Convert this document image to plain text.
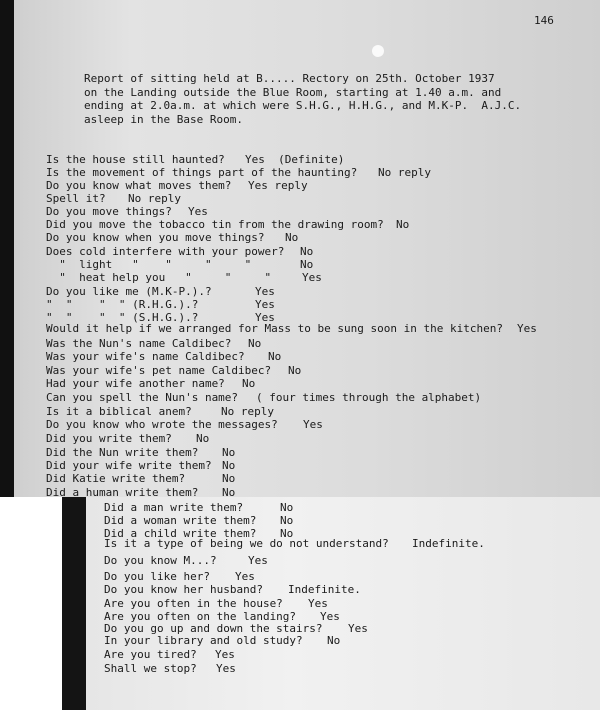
146
Report of sitting held at B..... Rectory on 25th. October 1937
on the Landing outside the Blue Room, starting at 1.40 a.m. and
ending at 2.0a.m. at which were S.H.G., H.H.G., and M.K-P.  A.J.C.
asleep in the Base Room.
Is the house still haunted? Yes  (Definite)
Is the movement of things part of the haunting? No reply
Do you know what moves them? Yes reply
Spell it? No reply
Do you move things? Yes
Did you move the tobacco tin from the drawing room? No
Do you know when you move things? No
Does cold interfere with your power? No
"  light   "    "     "     "	No
"  heat help you   "     "     "	Yes
Do you like me (M.K-P.).?	Yes
"  "    "  " (R.H.G.).?	Yes
"  "    "  " (S.H.G.).?	Yes
Would it help if we arranged for Mass to be sung soon in the kitchen? Yes
Was the Nun's name Caldibec? No
Was your wife's name Caldibec? No
Was your wife's pet name Caldibec? No
Had your wife another name? No
Can you spell the Nun's name? ( four times through the alphabet)
Is it a biblical anem?	No reply
Do you know who wrote the messages? Yes
Did you write them? No
Did the Nun write them? No
Did your wife write them? No
Did Katie write them?	No
Did a human write them? No
Did a man write them?	No
Did a woman write them? No
Did a child write them? No
Is it a type of being we do not understand? Indefinite.
Do you know M...?	Yes
Do you like her? Yes
Do you know her husband? Indefinite.
Are you often in the house? Yes
Are you often on the landing? Yes
Do you go up and down the stairs? Yes
In your library and old study? No
Are you tired? Yes
Shall we stop? Yes
